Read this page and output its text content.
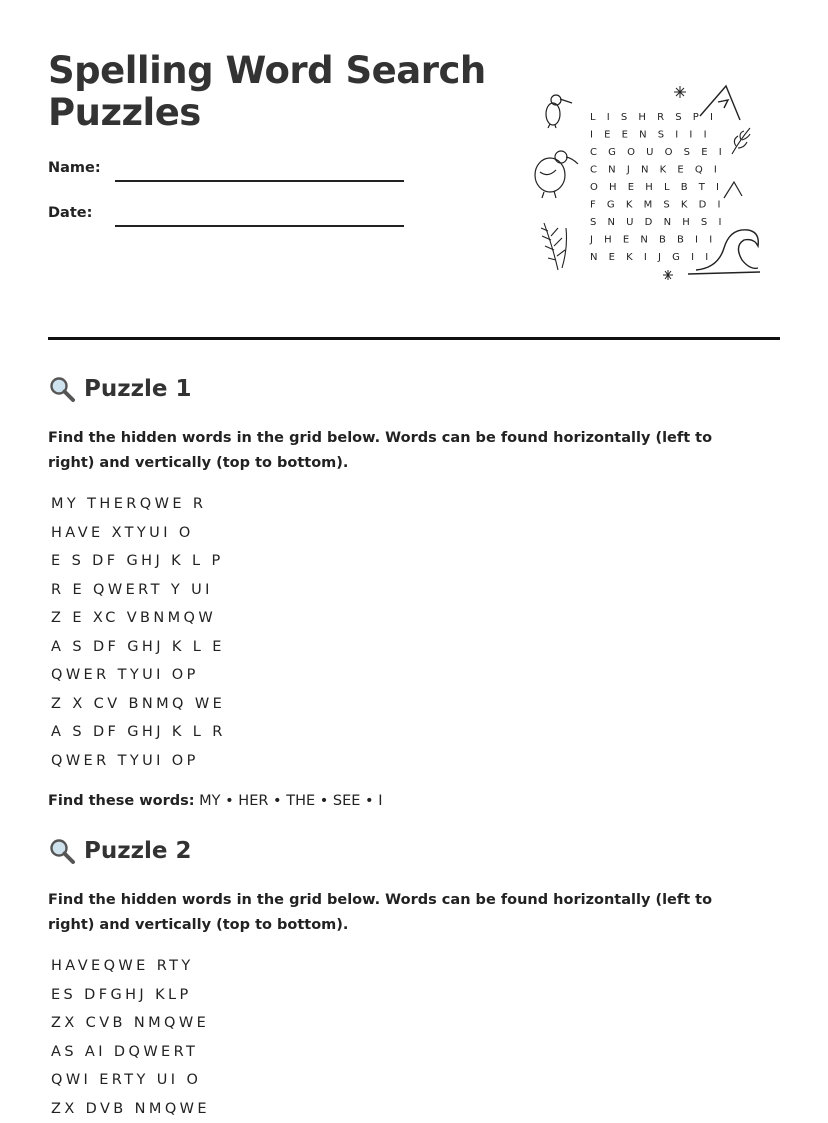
Spelling Word Search
Puzzles
Name:
Date:
L I S H R S P I
I E E N S I I I
C G O U O S E I
C N J N K E Q I
O H E H L B T I
F G K M S K D I
S N U D N H S I
J H E N B B I I
N E K I J G I I
Puzzle 1

Find the hidden words in the grid below. Words can be found horizontally (left to right) and vertically (top to bottom).

MY THERQWE R
HAVE XTYUI O
E S DF GHJ K L P
R E QWERT Y UI
Z E XC VBNMQW
A S DF GHJ K L E
QWER TYUI OP
Z X CV BNMQ WE
A S DF GHJ K L R
QWER TYUI OP
Find these words: MY • HER • THE • SEE • I
Puzzle 2

Find the hidden words in the grid below. Words can be found horizontally (left to right) and vertically (top to bottom).

HAVEQWE RTY
ES DFGHJ KLP
ZX CVB NMQWE
AS AI DQWERT
QWI ERTY UI O
ZX DVB NMQWE
